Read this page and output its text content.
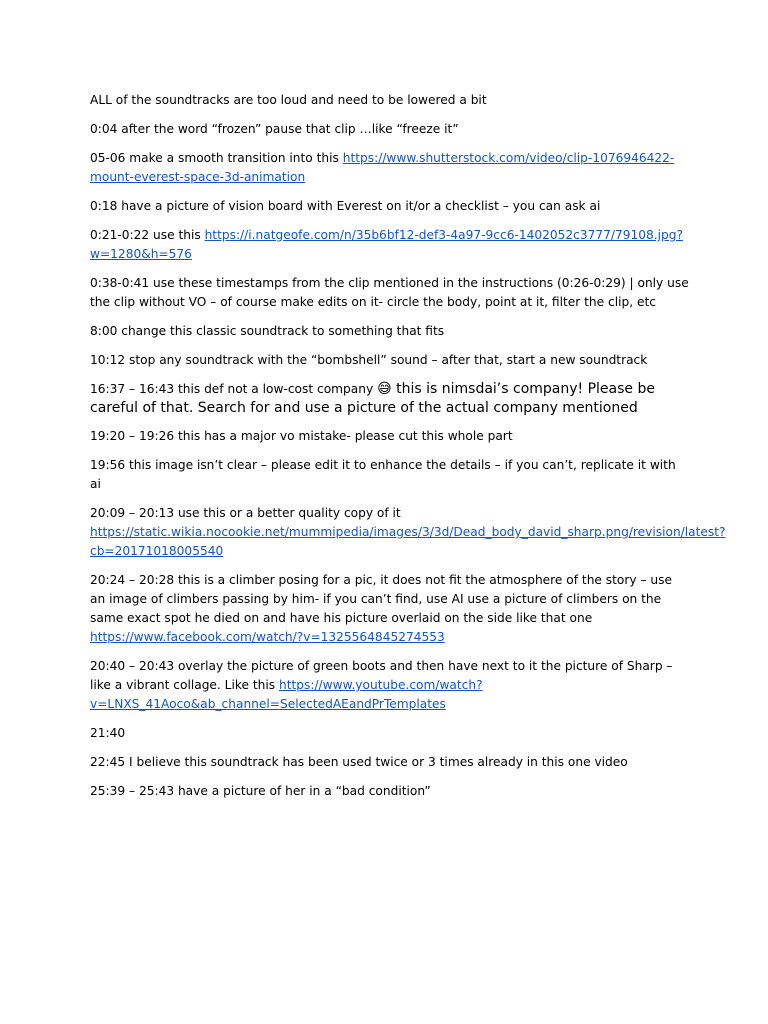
ALL of the soundtracks are too loud and need to be lowered a bit

0:04 after the word “frozen” pause that clip …like “freeze it”

05-06 make a smooth transition into this https://www.shutterstock.com/video/clip-1076946422-mount-everest-space-3d-animation

0:18 have a picture of vision board with Everest on it/or a checklist – you can ask ai

0:21-0:22 use this https://i.natgeofe.com/n/35b6bf12-def3-4a97-9cc6-1402052c3777/79108.jpg?w=1280&h=576

0:38-0:41 use these timestamps from the clip mentioned in the instructions (0:26-0:29) | only use the clip without VO – of course make edits on it- circle the body, point at it, filter the clip, etc

8:00 change this classic soundtrack to something that fits

10:12 stop any soundtrack with the “bombshell” sound – after that, start a new soundtrack

16:37 – 16:43 this def not a low-cost company 😅 this is nimsdai’s company! Please be careful of that. Search for and use a picture of the actual company mentioned

19:20 – 19:26 this has a major vo mistake- please cut this whole part

19:56 this image isn’t clear – please edit it to enhance the details – if you can’t, replicate it with ai

20:09 – 20:13 use this or a better quality copy of it https://static.wikia.nocookie.net/mummipedia/images/3/3d/Dead_body_david_sharp.png/revision/latest?cb=20171018005540

20:24 – 20:28 this is a climber posing for a pic, it does not fit the atmosphere of the story – use an image of climbers passing by him- if you can’t find, use AI use a picture of climbers on the same exact spot he died on and have his picture overlaid on the side like that one https://www.facebook.com/watch/?v=1325564845274553

20:40 – 20:43 overlay the picture of green boots and then have next to it the picture of Sharp – like a vibrant collage. Like this https://www.youtube.com/watch?v=LNXS_41Aoco&ab_channel=SelectedAEandPrTemplates

21:40

22:45 I believe this soundtrack has been used twice or 3 times already in this one video

25:39 – 25:43 have a picture of her in a “bad condition”
